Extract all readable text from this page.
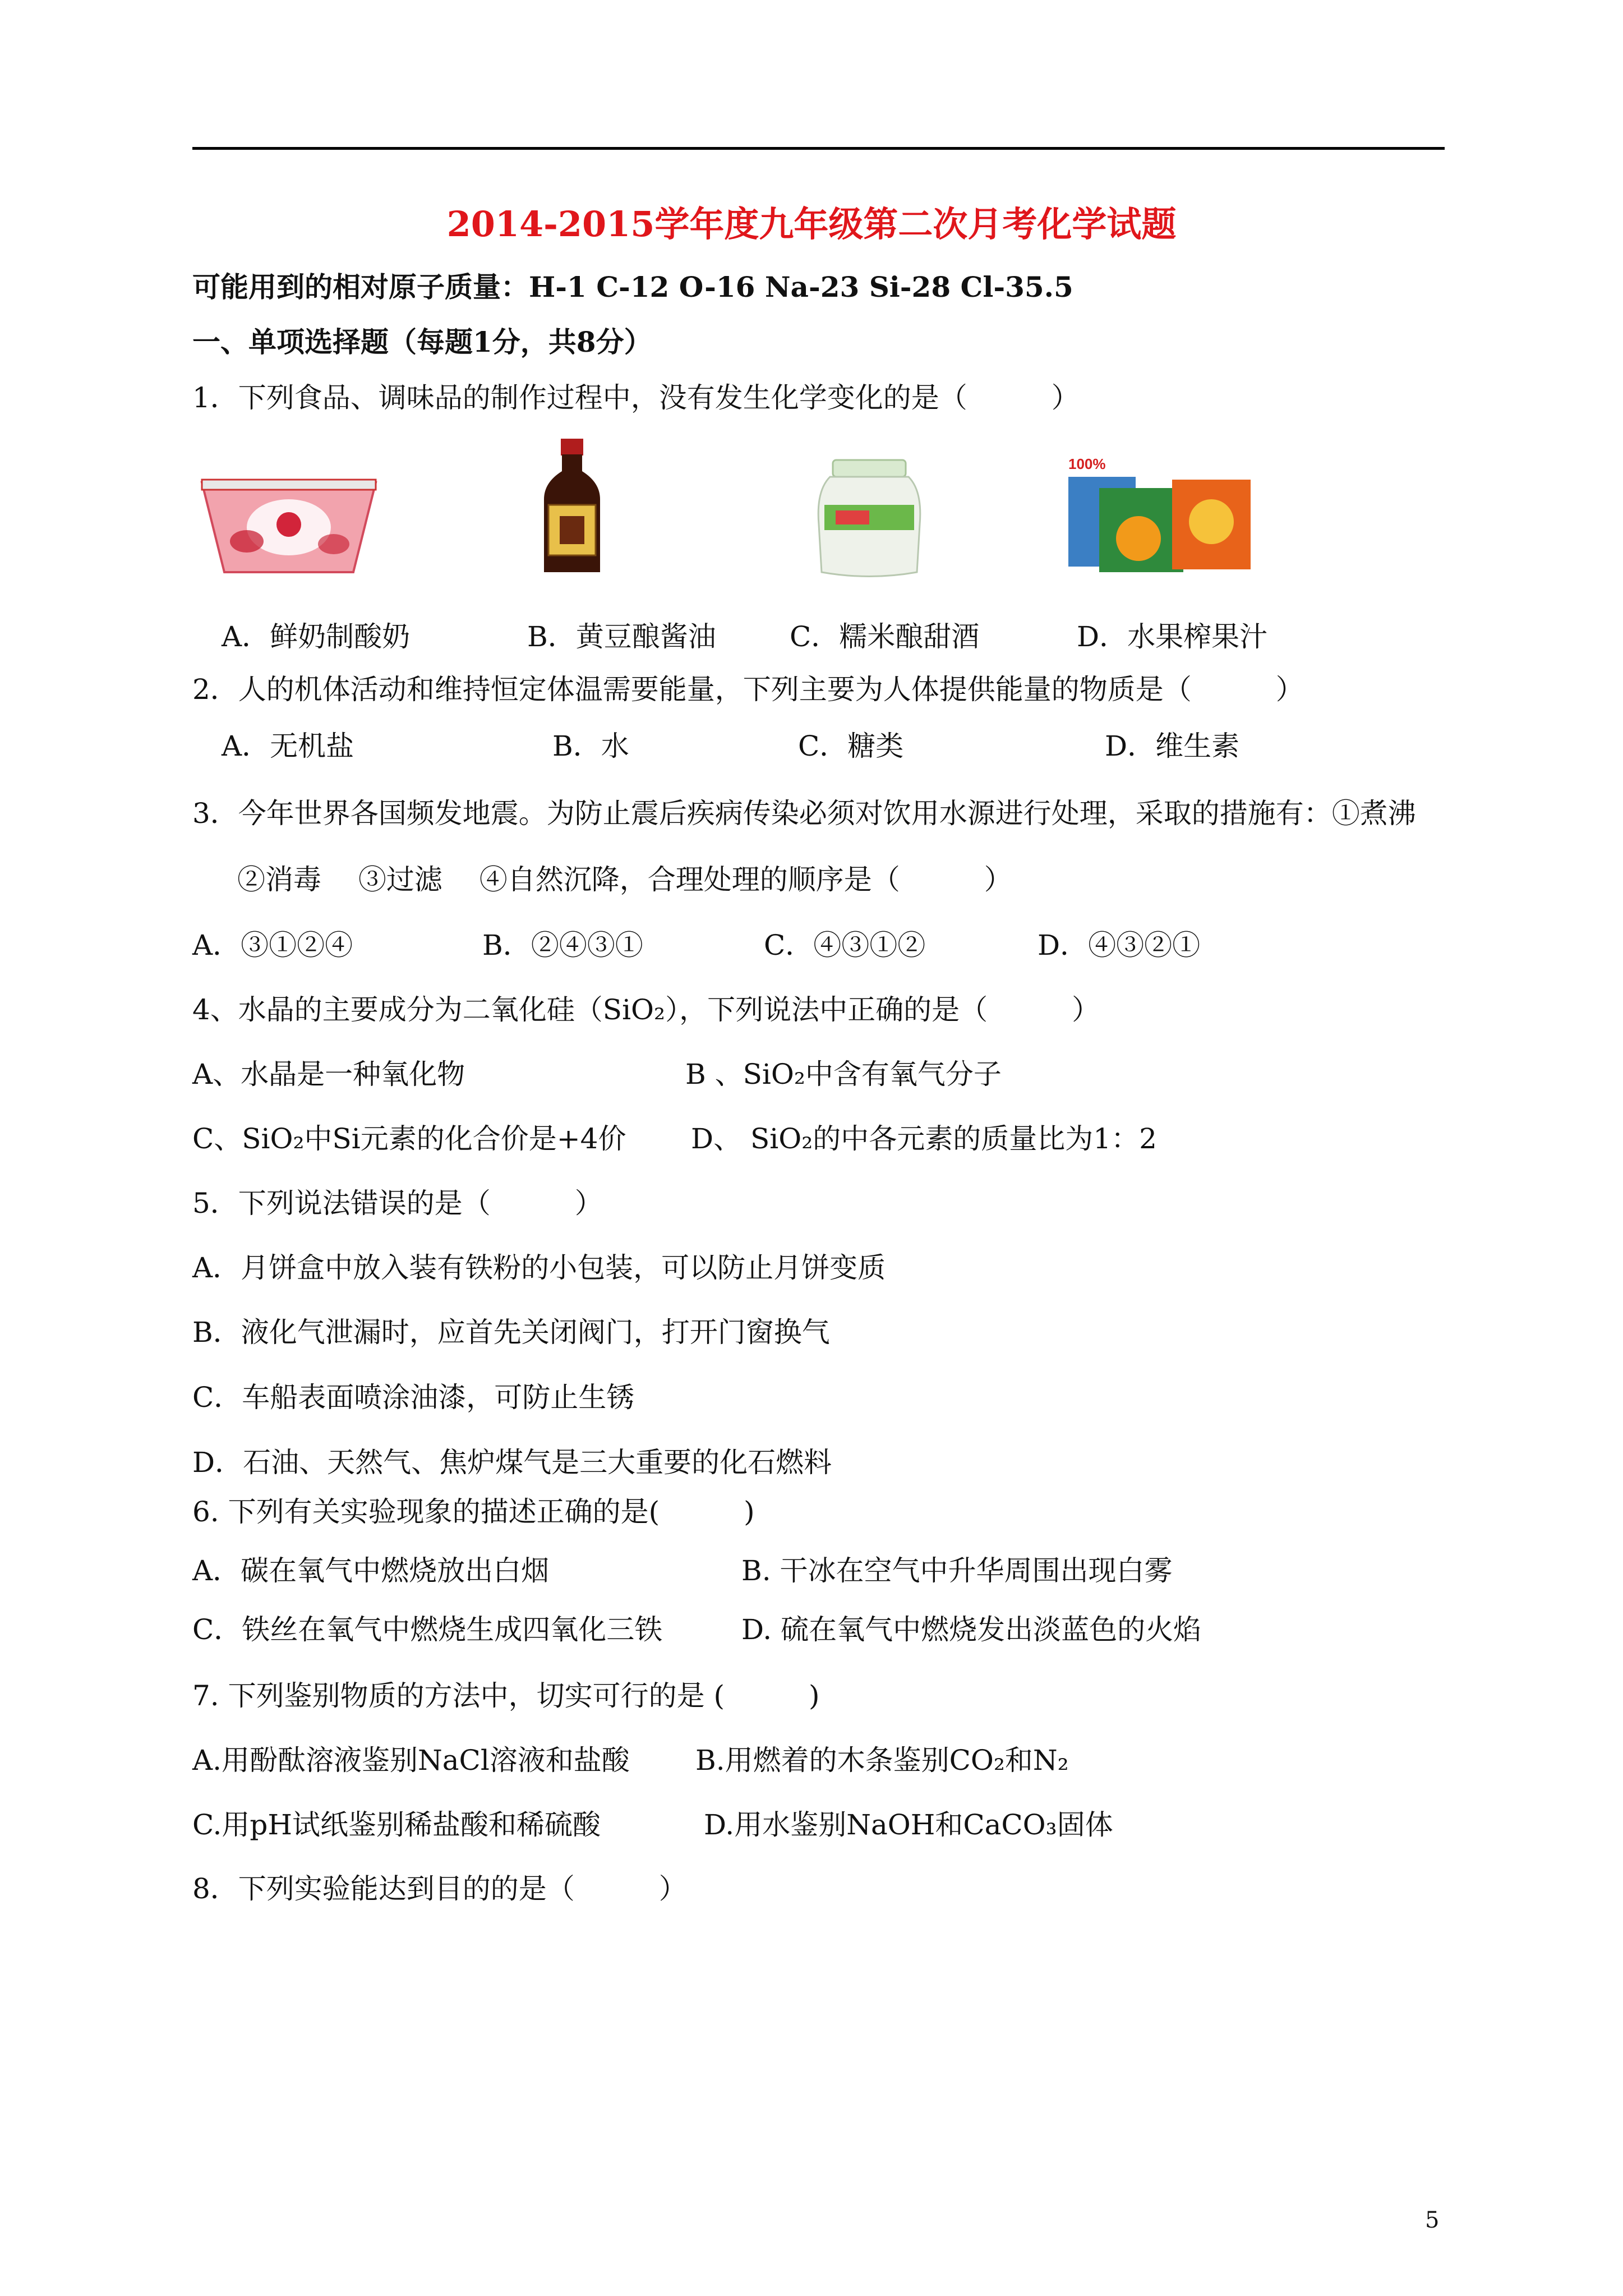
2014-2015学年度九年级第二次月考化学试题
可能用到的相对原子质量：H-1 C-12 O-16 Na-23 Si-28 Cl-35.5
一、单项选择题（每题1分，共8分）
1．下列食品、调味品的制作过程中，没有发生化学变化的是（　　　）
100%
A．鲜奶制酸奶	B．黄豆酿酱油	C．糯米酿甜酒	D．水果榨果汁
2．人的机体活动和维持恒定体温需要能量，下列主要为人体提供能量的物质是（　　　）
A．无机盐	B．水	C．糖类	D．维生素
3．今年世界各国频发地震。为防止震后疾病传染必须对饮用水源进行处理，采取的措施有：①煮沸
②消毒　 ③过滤　 ④自然沉降，合理处理的顺序是（　　　）
A．③①②④	B．②④③①	C．④③①②	D．④③②①
4、水晶的主要成分为二氧化硅（SiO₂），下列说法中正确的是（　　　）
A、水晶是一种氧化物	B 、SiO₂中含有氧气分子
C、SiO₂中Si元素的化合价是+4价 D、 SiO₂的中各元素的质量比为1：2
5．下列说法错误的是（　　　）
A．月饼盒中放入装有铁粉的小包装，可以防止月饼变质
B．液化气泄漏时，应首先关闭阀门，打开门窗换气
C．车船表面喷涂油漆，可防止生锈
D．石油、天然气、焦炉煤气是三大重要的化石燃料
6. 下列有关实验现象的描述正确的是(　　　)
A．碳在氧气中燃烧放出白烟	B. 干冰在空气中升华周围出现白雾
C．铁丝在氧气中燃烧生成四氧化三铁	D. 硫在氧气中燃烧发出淡蓝色的火焰
7. 下列鉴别物质的方法中，切实可行的是 (　　　)
A.用酚酞溶液鉴别NaCl溶液和盐酸 B.用燃着的木条鉴别CO₂和N₂
C.用pH试纸鉴别稀盐酸和稀硫酸	D.用水鉴别NaOH和CaCO₃固体
8．下列实验能达到目的的是（　　　）
5
